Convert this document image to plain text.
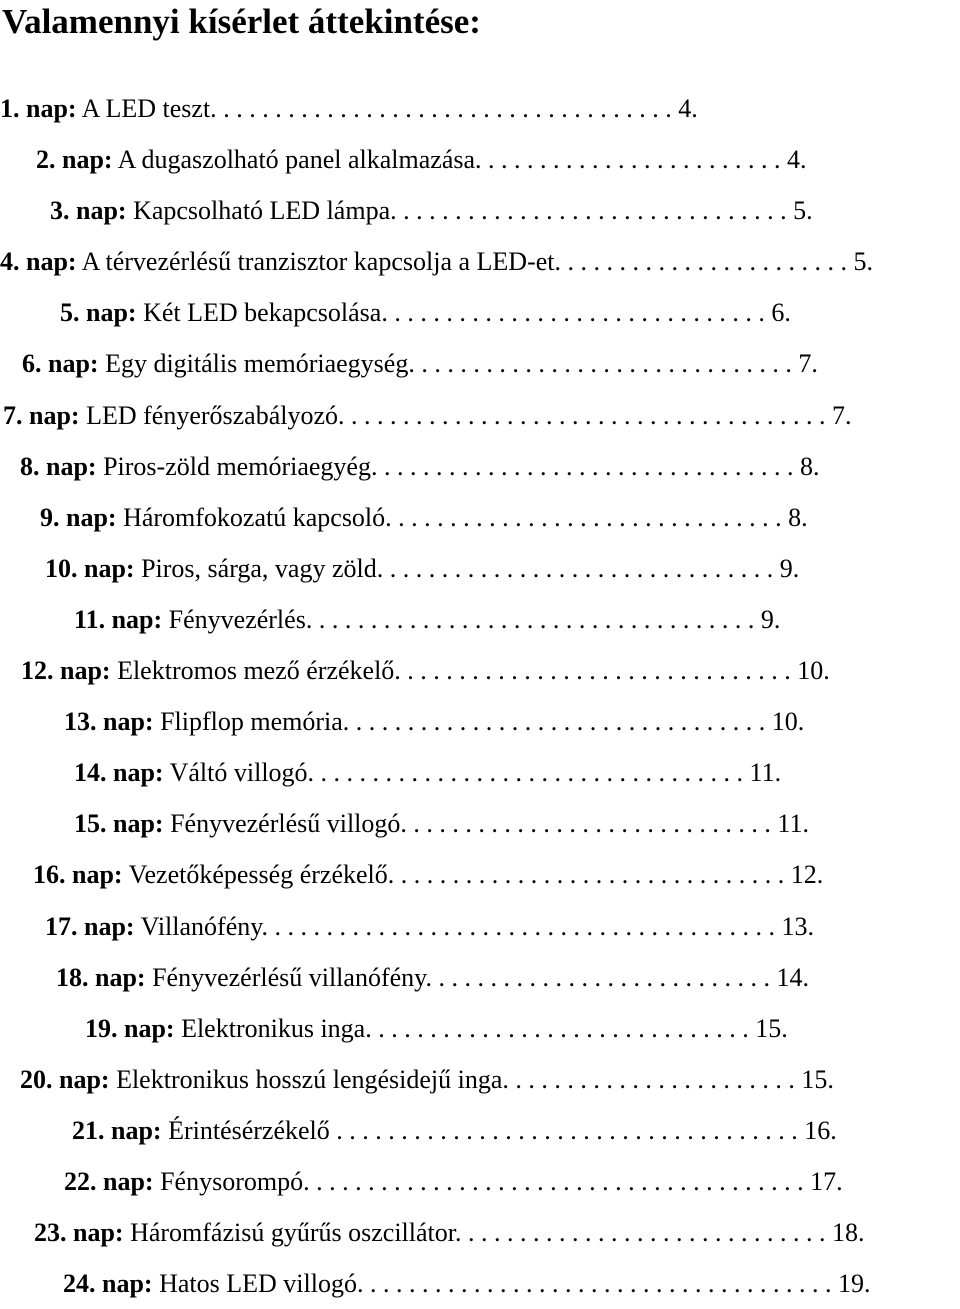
Valamennyi kísérlet áttekintése:
1. nap: A LED teszt. . . . . . . . . . . . . . . . . . . . . . . . . . . . . . . . . . . . 4.
2. nap: A dugaszolható panel alkalmazása. . . . . . . . . . . . . . . . . . . . . . . . 4.
3. nap: Kapcsolható LED lámpa. . . . . . . . . . . . . . . . . . . . . . . . . . . . . . . 5.
4. nap: A térvezérlésű tranzisztor kapcsolja a LED-et. . . . . . . . . . . . . . . . . . . . . . . 5.
5. nap: Két LED bekapcsolása. . . . . . . . . . . . . . . . . . . . . . . . . . . . . . 6.
6. nap: Egy digitális memóriaegység. . . . . . . . . . . . . . . . . . . . . . . . . . . . . . 7.
7. nap: LED fényerőszabályozó. . . . . . . . . . . . . . . . . . . . . . . . . . . . . . . . . . . . . . 7.
8. nap: Piros-zöld memóriaegyég. . . . . . . . . . . . . . . . . . . . . . . . . . . . . . . . . 8.
9. nap: Háromfokozatú kapcsoló. . . . . . . . . . . . . . . . . . . . . . . . . . . . . . . 8.
10. nap: Piros, sárga, vagy zöld. . . . . . . . . . . . . . . . . . . . . . . . . . . . . . . 9.
11. nap: Fényvezérlés. . . . . . . . . . . . . . . . . . . . . . . . . . . . . . . . . . . 9.
12. nap: Elektromos mező érzékelő. . . . . . . . . . . . . . . . . . . . . . . . . . . . . . . 10.
13. nap: Flipflop memória. . . . . . . . . . . . . . . . . . . . . . . . . . . . . . . . . 10.
14. nap: Váltó villogó. . . . . . . . . . . . . . . . . . . . . . . . . . . . . . . . . . 11.
15. nap: Fényvezérlésű villogó. . . . . . . . . . . . . . . . . . . . . . . . . . . . . 11.
16. nap: Vezetőképesség érzékelő. . . . . . . . . . . . . . . . . . . . . . . . . . . . . . . 12.
17. nap: Villanófény. . . . . . . . . . . . . . . . . . . . . . . . . . . . . . . . . . . . . . . . 13.
18. nap: Fényvezérlésű villanófény. . . . . . . . . . . . . . . . . . . . . . . . . . . 14.
19. nap: Elektronikus inga. . . . . . . . . . . . . . . . . . . . . . . . . . . . . . 15.
20. nap: Elektronikus hosszú lengésidejű inga. . . . . . . . . . . . . . . . . . . . . . . 15.
21. nap: Érintésérzékelő . . . . . . . . . . . . . . . . . . . . . . . . . . . . . . . . . . . . 16.
22. nap: Fénysorompó. . . . . . . . . . . . . . . . . . . . . . . . . . . . . . . . . . . . . . . 17.
23. nap: Háromfázisú gyűrűs oszcillátor. . . . . . . . . . . . . . . . . . . . . . . . . . . . . 18.
24. nap: Hatos LED villogó. . . . . . . . . . . . . . . . . . . . . . . . . . . . . . . . . . . . . 19.
